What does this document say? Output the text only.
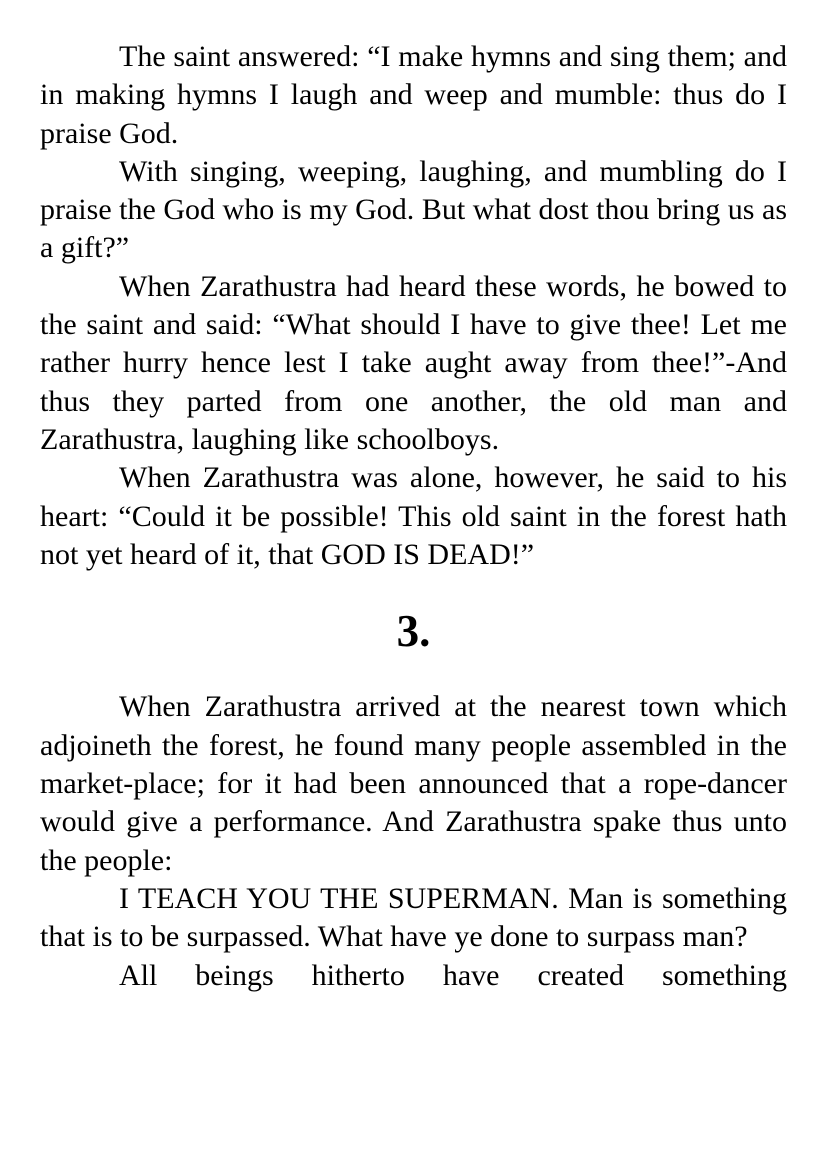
The saint answered: “I make hymns and sing them; and in making hymns I laugh and weep and mumble: thus do I praise God.

With singing, weeping, laughing, and mumbling do I praise the God who is my God. But what dost thou bring us as a gift?”

When Zarathustra had heard these words, he bowed to the saint and said: “What should I have to give thee! Let me rather hurry hence lest I take aught away from thee!”-And thus they parted from one another, the old man and Zarathustra, laughing like schoolboys.

When Zarathustra was alone, however, he said to his heart: “Could it be possible! This old saint in the forest hath not yet heard of it, that GOD IS DEAD!”

3.

When Zarathustra arrived at the nearest town which adjoineth the forest, he found many people assembled in the market-place; for it had been announced that a rope-dancer would give a performance. And Zarathustra spake thus unto the people:

I TEACH YOU THE SUPERMAN. Man is something that is to be surpassed. What have ye done to surpass man?

All beings hitherto have created something
